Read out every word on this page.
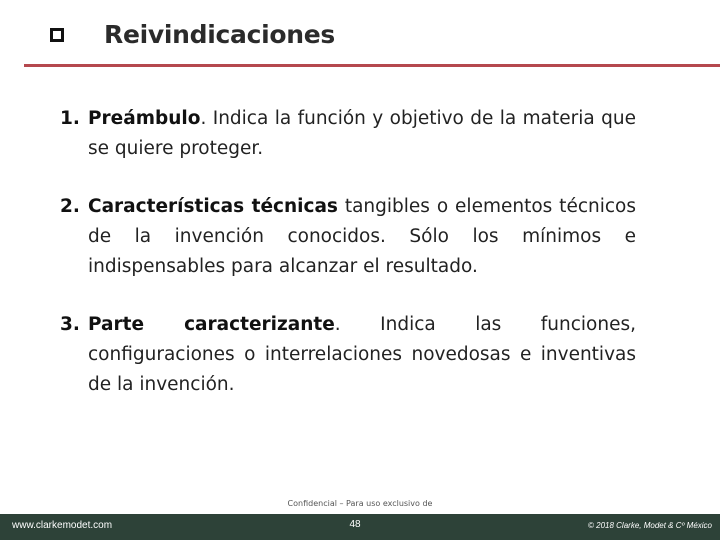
Reivindicaciones
1. Preámbulo. Indica la función y objetivo de la materia que se quiere proteger.
2. Características técnicas tangibles o elementos técnicos de la invención conocidos. Sólo los mínimos e indispensables para alcanzar el resultado.
3. Parte caracterizante. Indica las funciones, configuraciones o interrelaciones novedosas e inventivas de la invención.
Confidencial – Para uso exclusivo de
www.clarkemodet.com	48	© 2018 Clarke, Modet & Cº México
